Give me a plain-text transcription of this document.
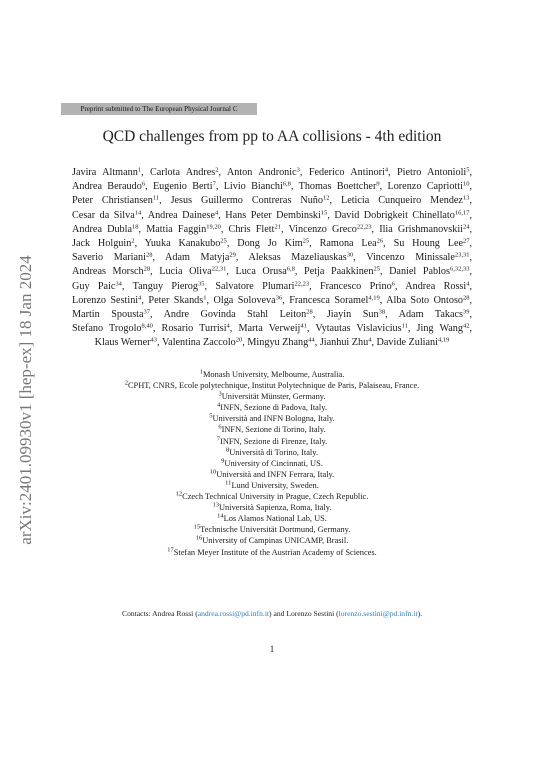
Preprint submitted to The European Physical Journal C
arXiv:2401.09930v1 [hep-ex] 18 Jan 2024
QCD challenges from pp to AA collisions - 4th edition
Javira Altmann$^1$, Carlota Andres$^2$, Anton Andronic$^3$, Federico Antinori$^4$, Pietro Antonioli$^5$, Andrea Beraudo$^6$, Eugenio Berti$^7$, Livio Bianchi$^{6,8}$, Thomas Boettcher$^9$, Lorenzo Capriotti$^{10}$, Peter Christiansen$^{11}$, Jesus Guillermo Contreras Nuño$^{12}$, Leticia Cunqueiro Mendez$^{13}$, Cesar da Silva$^{14}$, Andrea Dainese$^4$, Hans Peter Dembinski$^{15}$, David Dobrigkeit Chinellato$^{16,17}$, Andrea Dubla$^{18}$, Mattia Faggin$^{19,20}$, Chris Flett$^{21}$, Vincenzo Greco$^{22,23}$, Ilia Grishmanovskii$^{24}$, Jack Holguin$^2$, Yuuka Kanakubo$^{25}$, Dong Jo Kim$^{25}$, Ramona Lea$^{26}$, Su Houng Lee$^{27}$, Saverio Mariani$^{28}$, Adam Matyja$^{29}$, Aleksas Mazeliauskas$^{30}$, Vincenzo Minissale$^{23,31}$, Andreas Morsch$^{28}$, Lucia Oliva$^{22,31}$, Luca Orusa$^{6,8}$, Petja Paakkinen$^{25}$, Daniel Pablos$^{6,32,33}$, Guy Paic$^{34}$, Tanguy Pierog$^{35}$, Salvatore Plumari$^{22,23}$, Francesco Prino$^6$, Andrea Rossi$^4$, Lorenzo Sestini$^4$, Peter Skands$^1$, Olga Soloveva$^{36}$, Francesca Soramel$^{4,19}$, Alba Soto Ontoso$^{28}$, Martin Spousta$^{37}$, Andre Govinda Stahl Leiton$^{28}$, Jiayin Sun$^{38}$, Adam Takacs$^{39}$, Stefano Trogolo$^{8,40}$, Rosario Turrisi$^4$, Marta Verweij$^{41}$, Vytautas Vislavicius$^{11}$, Jing Wang$^{42}$, Klaus Werner$^{43}$, Valentina Zaccolo$^{20}$, Mingyu Zhang$^{44}$, Jianhui Zhu$^4$, Davide Zuliani$^{4,19}$
$^1$Monash University, Melbourne, Australia.
$^2$CPHT, CNRS, Ecole polytechnique, Institut Polytechnique de Paris, Palaiseau, France.
$^3$Universität Münster, Germany.
$^4$INFN, Sezione di Padova, Italy.
$^5$Università and INFN Bologna, Italy.
$^6$INFN, Sezione di Torino, Italy.
$^7$INFN, Sezione di Firenze, Italy.
$^8$Università di Torino, Italy.
$^9$University of Cincinnati, US.
$^{10}$Università and INFN Ferrara, Italy.
$^{11}$Lund University, Sweden.
$^{12}$Czech Technical University in Prague, Czech Republic.
$^{13}$Università Sapienza, Roma, Italy.
$^{14}$Los Alamos National Lab, US.
$^{15}$Technische Universität Dortmund, Germany.
$^{16}$University of Campinas UNICAMP, Brasil.
$^{17}$Stefan Meyer Institute of the Austrian Academy of Sciences.
Contacts: Andrea Rossi (andrea.rossi@pd.infn.it) and Lorenzo Sestini (lorenzo.sestini@pd.infn.it).
1
